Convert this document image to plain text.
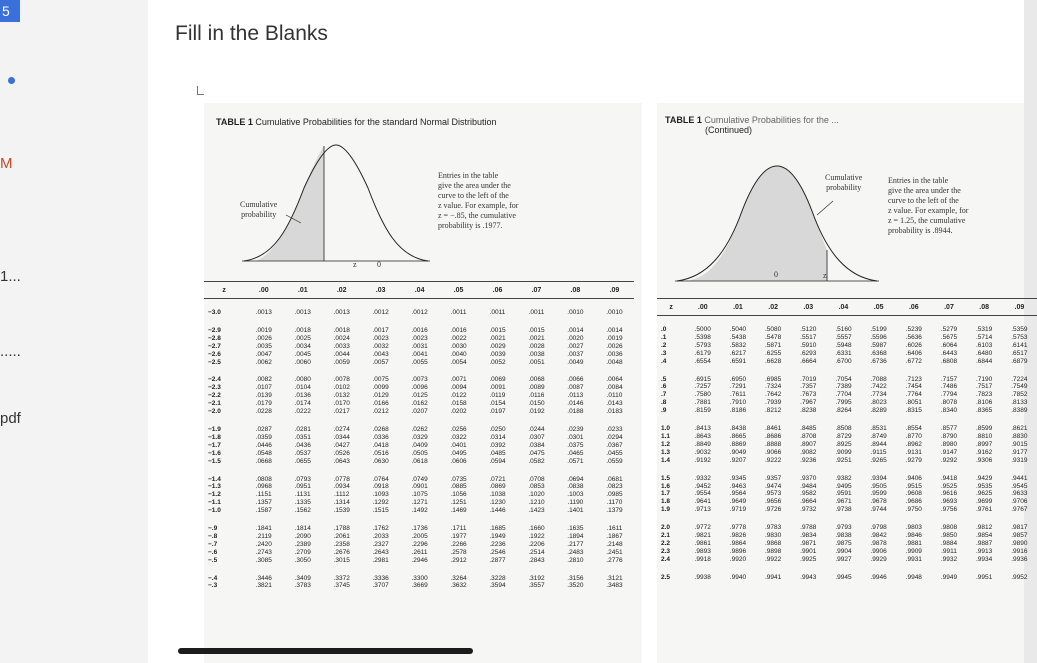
5
M
1...
.....
pdf
Fill in the Blanks
TABLE 1 Cumulative Probabilities for the standard Normal Distribution
Cumulative
probability
z	0
Entries in the table
give the area under the
curve to the left of the
z value. For example, for
z = −.85, the cumulative
probability is .1977.
z	.00	.01	.02	.03	.04	.05	.06	.07	.08	.09

−3.0	.0013	.0013	.0013	.0012	.0012	.0011	.0011	.0011	.0010	.0010

−2.9	.0019	.0018	.0018	.0017	.0016	.0016	.0015	.0015	.0014	.0014
−2.8	.0026	.0025	.0024	.0023	.0023	.0022	.0021	.0021	.0020	.0019
−2.7	.0035	.0034	.0033	.0032	.0031	.0030	.0029	.0028	.0027	.0026
−2.6	.0047	.0045	.0044	.0043	.0041	.0040	.0039	.0038	.0037	.0036
−2.5	.0062	.0060	.0059	.0057	.0055	.0054	.0052	.0051	.0049	.0048

−2.4	.0082	.0080	.0078	.0075	.0073	.0071	.0069	.0068	.0066	.0064
−2.3	.0107	.0104	.0102	.0099	.0096	.0094	.0091	.0089	.0087	.0084
−2.2	.0139	.0136	.0132	.0129	.0125	.0122	.0119	.0116	.0113	.0110
−2.1	.0179	.0174	.0170	.0166	.0162	.0158	.0154	.0150	.0146	.0143
−2.0	.0228	.0222	.0217	.0212	.0207	.0202	.0197	.0192	.0188	.0183

−1.9	.0287	.0281	.0274	.0268	.0262	.0256	.0250	.0244	.0239	.0233
−1.8	.0359	.0351	.0344	.0336	.0329	.0322	.0314	.0307	.0301	.0294
−1.7	.0446	.0436	.0427	.0418	.0409	.0401	.0392	.0384	.0375	.0367
−1.6	.0548	.0537	.0526	.0516	.0505	.0495	.0485	.0475	.0465	.0455
−1.5	.0668	.0655	.0643	.0630	.0618	.0606	.0594	.0582	.0571	.0559

−1.4	.0808	.0793	.0778	.0764	.0749	.0735	.0721	.0708	.0694	.0681
−1.3	.0968	.0951	.0934	.0918	.0901	.0885	.0869	.0853	.0838	.0823
−1.2	.1151	.1131	.1112	.1093	.1075	.1056	.1038	.1020	.1003	.0985
−1.1	.1357	.1335	.1314	.1292	.1271	.1251	.1230	.1210	.1190	.1170
−1.0	.1587	.1562	.1539	.1515	.1492	.1469	.1446	.1423	.1401	.1379

−.9	.1841	.1814	.1788	.1762	.1736	.1711	.1685	.1660	.1635	.1611
−.8	.2119	.2090	.2061	.2033	.2005	.1977	.1949	.1922	.1894	.1867
−.7	.2420	.2389	.2358	.2327	.2296	.2266	.2236	.2206	.2177	.2148
−.6	.2743	.2709	.2676	.2643	.2611	.2578	.2546	.2514	.2483	.2451
−.5	.3085	.3050	.3015	.2981	.2946	.2912	.2877	.2843	.2810	.2776

−.4	.3446	.3409	.3372	.3336	.3300	.3264	.3228	.3192	.3156	.3121
−.3	.3821	.3783	.3745	.3707	.3669	.3632	.3594	.3557	.3520	.3483
TABLE 1 Cumulative Probabilities for the ...
(Continued)
Cumulative
probability
z
0
Entries in the table
give the area under the
curve to the left of the
z value. For example, for
z = 1.25, the cumulative
probability is .8944.
z	.00	.01	.02	.03	.04	.05	.06	.07	.08	.09

.0	.5000	.5040	.5080	.5120	.5160	.5199	.5239	.5279	.5319	.5359
.1	.5398	.5438	.5478	.5517	.5557	.5596	.5636	.5675	.5714	.5753
.2	.5793	.5832	.5871	.5910	.5948	.5987	.6026	.6064	.6103	.6141
.3	.6179	.6217	.6255	.6293	.6331	.6368	.6406	.6443	.6480	.6517
.4	.6554	.6591	.6628	.6664	.6700	.6736	.6772	.6808	.6844	.6879

.5	.6915	.6950	.6985	.7019	.7054	.7088	.7123	.7157	.7190	.7224
.6	.7257	.7291	.7324	.7357	.7389	.7422	.7454	.7486	.7517	.7549
.7	.7580	.7611	.7642	.7673	.7704	.7734	.7764	.7794	.7823	.7852
.8	.7881	.7910	.7939	.7967	.7995	.8023	.8051	.8078	.8106	.8133
.9	.8159	.8186	.8212	.8238	.8264	.8289	.8315	.8340	.8365	.8389

1.0	.8413	.8438	.8461	.8485	.8508	.8531	.8554	.8577	.8599	.8621
1.1	.8643	.8665	.8686	.8708	.8729	.8749	.8770	.8790	.8810	.8830
1.2	.8849	.8869	.8888	.8907	.8925	.8944	.8962	.8980	.8997	.9015
1.3	.9032	.9049	.9066	.9082	.9099	.9115	.9131	.9147	.9162	.9177
1.4	.9192	.9207	.9222	.9236	.9251	.9265	.9279	.9292	.9306	.9319

1.5	.9332	.9345	.9357	.9370	.9382	.9394	.9406	.9418	.9429	.9441
1.6	.9452	.9463	.9474	.9484	.9495	.9505	.9515	.9525	.9535	.9545
1.7	.9554	.9564	.9573	.9582	.9591	.9599	.9608	.9616	.9625	.9633
1.8	.9641	.9649	.9656	.9664	.9671	.9678	.9686	.9693	.9699	.9706
1.9	.9713	.9719	.9726	.9732	.9738	.9744	.9750	.9756	.9761	.9767

2.0	.9772	.9778	.9783	.9788	.9793	.9798	.9803	.9808	.9812	.9817
2.1	.9821	.9826	.9830	.9834	.9838	.9842	.9846	.9850	.9854	.9857
2.2	.9861	.9864	.9868	.9871	.9875	.9878	.9881	.9884	.9887	.9890
2.3	.9893	.9896	.9898	.9901	.9904	.9906	.9909	.9911	.9913	.9916
2.4	.9918	.9920	.9922	.9925	.9927	.9929	.9931	.9932	.9934	.9936

2.5	.9938	.9940	.9941	.9943	.9945	.9946	.9948	.9949	.9951	.9952
